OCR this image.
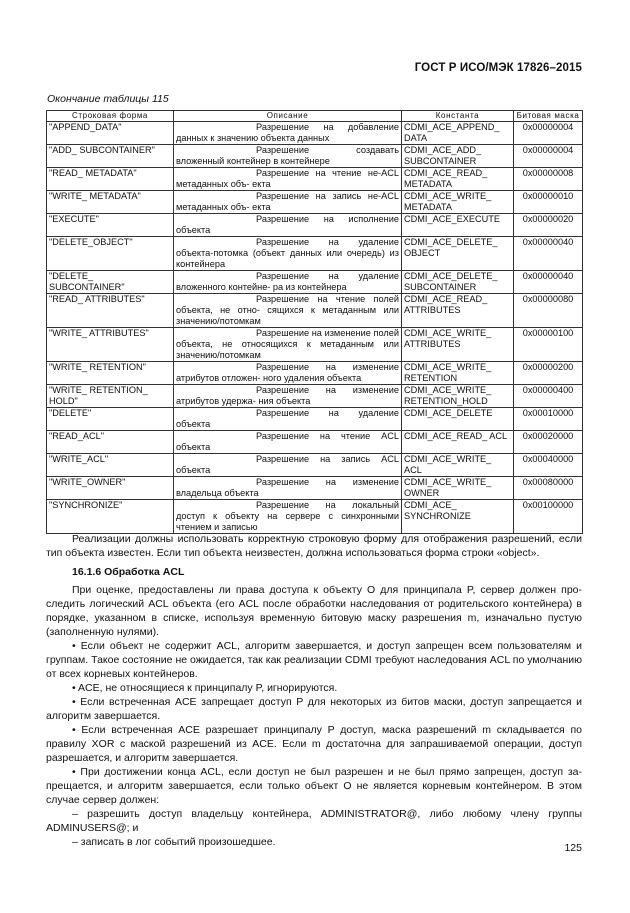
ГОСТ Р ИСО/МЭК 17826–2015
Окончание таблицы 115
Строковая форма	Описание	Константа	Битовая маска
"APPEND_DATA"	Разрешение на добавление данных к значению объекта данных	CDMI_ACE_APPEND_ DATA	0x00000004
"ADD_ SUBCONTAINER"	Разрешение создавать вложенный контейнер в контейнере	CDMI_ACE_ADD_ SUBCONTAINER	0x00000004
"READ_ METADATA"	Разрешение на чтение не-ACL метаданных объ- екта	CDMI_ACE_READ_ METADATA	0x00000008
"WRITE_ METADATA"	Разрешение на запись не-ACL метаданных объ- екта	CDMI_ACE_WRITE_ METADATA	0x00000010
"EXECUTE"	Разрешение на исполнение объекта	CDMI_ACE_EXECUTE	0x00000020
"DELETE_OBJECT"	Разрешение на удаление объекта-потомка (объект данных или очередь) из контейнера	CDMI_ACE_DELETE_ OBJECT	0x00000040
"DELETE_ SUBCONTAINER"	Разрешение на удаление вложенного контейне- ра из контейнера	CDMI_ACE_DELETE_ SUBCONTAINER	0x00000040
"READ_ ATTRIBUTES"	Разрешение на чтение полей объекта, не отно- сящихся к метаданным или значению/потомкам	CDMI_ACE_READ_ ATTRIBUTES	0x00000080
"WRITE_ ATTRIBUTES"	Разрешение на изменение полей объекта, не относящихся к метаданным или значению/потомкам	CDMI_ACE_WRITE_ ATTRIBUTES	0x00000100
"WRITE_ RETENTION"	Разрешение на изменение атрибутов отложен- ного удаления объекта	CDMI_ACE_WRITE_ RETENTION	0x00000200
"WRITE_ RETENTION_ HOLD"	Разрешение на изменение атрибутов удержа- ния объекта	CDMI_ACE_WRITE_ RETENTION_HOLD	0x00000400
"DELETE"	Разрешение на удаление объекта	CDMI_ACE_DELETE	0x00010000
"READ_ACL"	Разрешение на чтение ACL объекта	CDMI_ACE_READ_ ACL	0x00020000
"WRITE_ACL"	Разрешение на запись ACL объекта	CDMI_ACE_WRITE_ ACL	0x00040000
"WRITE_OWNER"	Разрешение на изменение владельца объекта	CDMI_ACE_WRITE_ OWNER	0x00080000
"SYNCHRONIZE"	Разрешение на локальный доступ к объекту на сервере с синхронными чтением и записью	CDMI_ACE_ SYNCHRONIZE	0x00100000

Реализации должны использовать корректную строковую форму для отображения разрешений, если тип объекта известен. Если тип объекта неизвестен, должна использоваться форма строки «object».

16.1.6 Обработка ACL

При оценке, предоставлены ли права доступа к объекту O для принципала P, сервер должен про- следить логический ACL объекта (его ACL после обработки наследования от родительского контейнера) в порядке, указанном в списке, используя временную битовую маску разрешения m, изначально пустую (заполненную нулями).

• Если объект не содержит ACL, алгоритм завершается, и доступ запрещен всем пользователям и группам. Такое состояние не ожидается, так как реализации CDMI требуют наследования ACL по умолчанию от всех корневых контейнеров.

• ACE, не относящиеся к принципалу P, игнорируются.

• Если встреченная ACE запрещает доступ P для некоторых из битов маски, доступ запрещается и алгоритм завершается.

• Если встреченная ACE разрешает принципалу P доступ, маска разрешений m складывается по правилу XOR с маской разрешений из ACE. Если m достаточна для запрашиваемой операции, доступ разрешается, и алгоритм завершается.

• При достижении конца ACL, если доступ не был разрешен и не был прямо запрещен, доступ за- прещается, и алгоритм завершается, если только объект O не является корневым контейнером. В этом случае сервер должен:

– разрешить доступ владельцу контейнера, ADMINISTRATOR@, либо любому члену группы ADMINUSERS@; и

– записать в лог событий произошедшее.	125
